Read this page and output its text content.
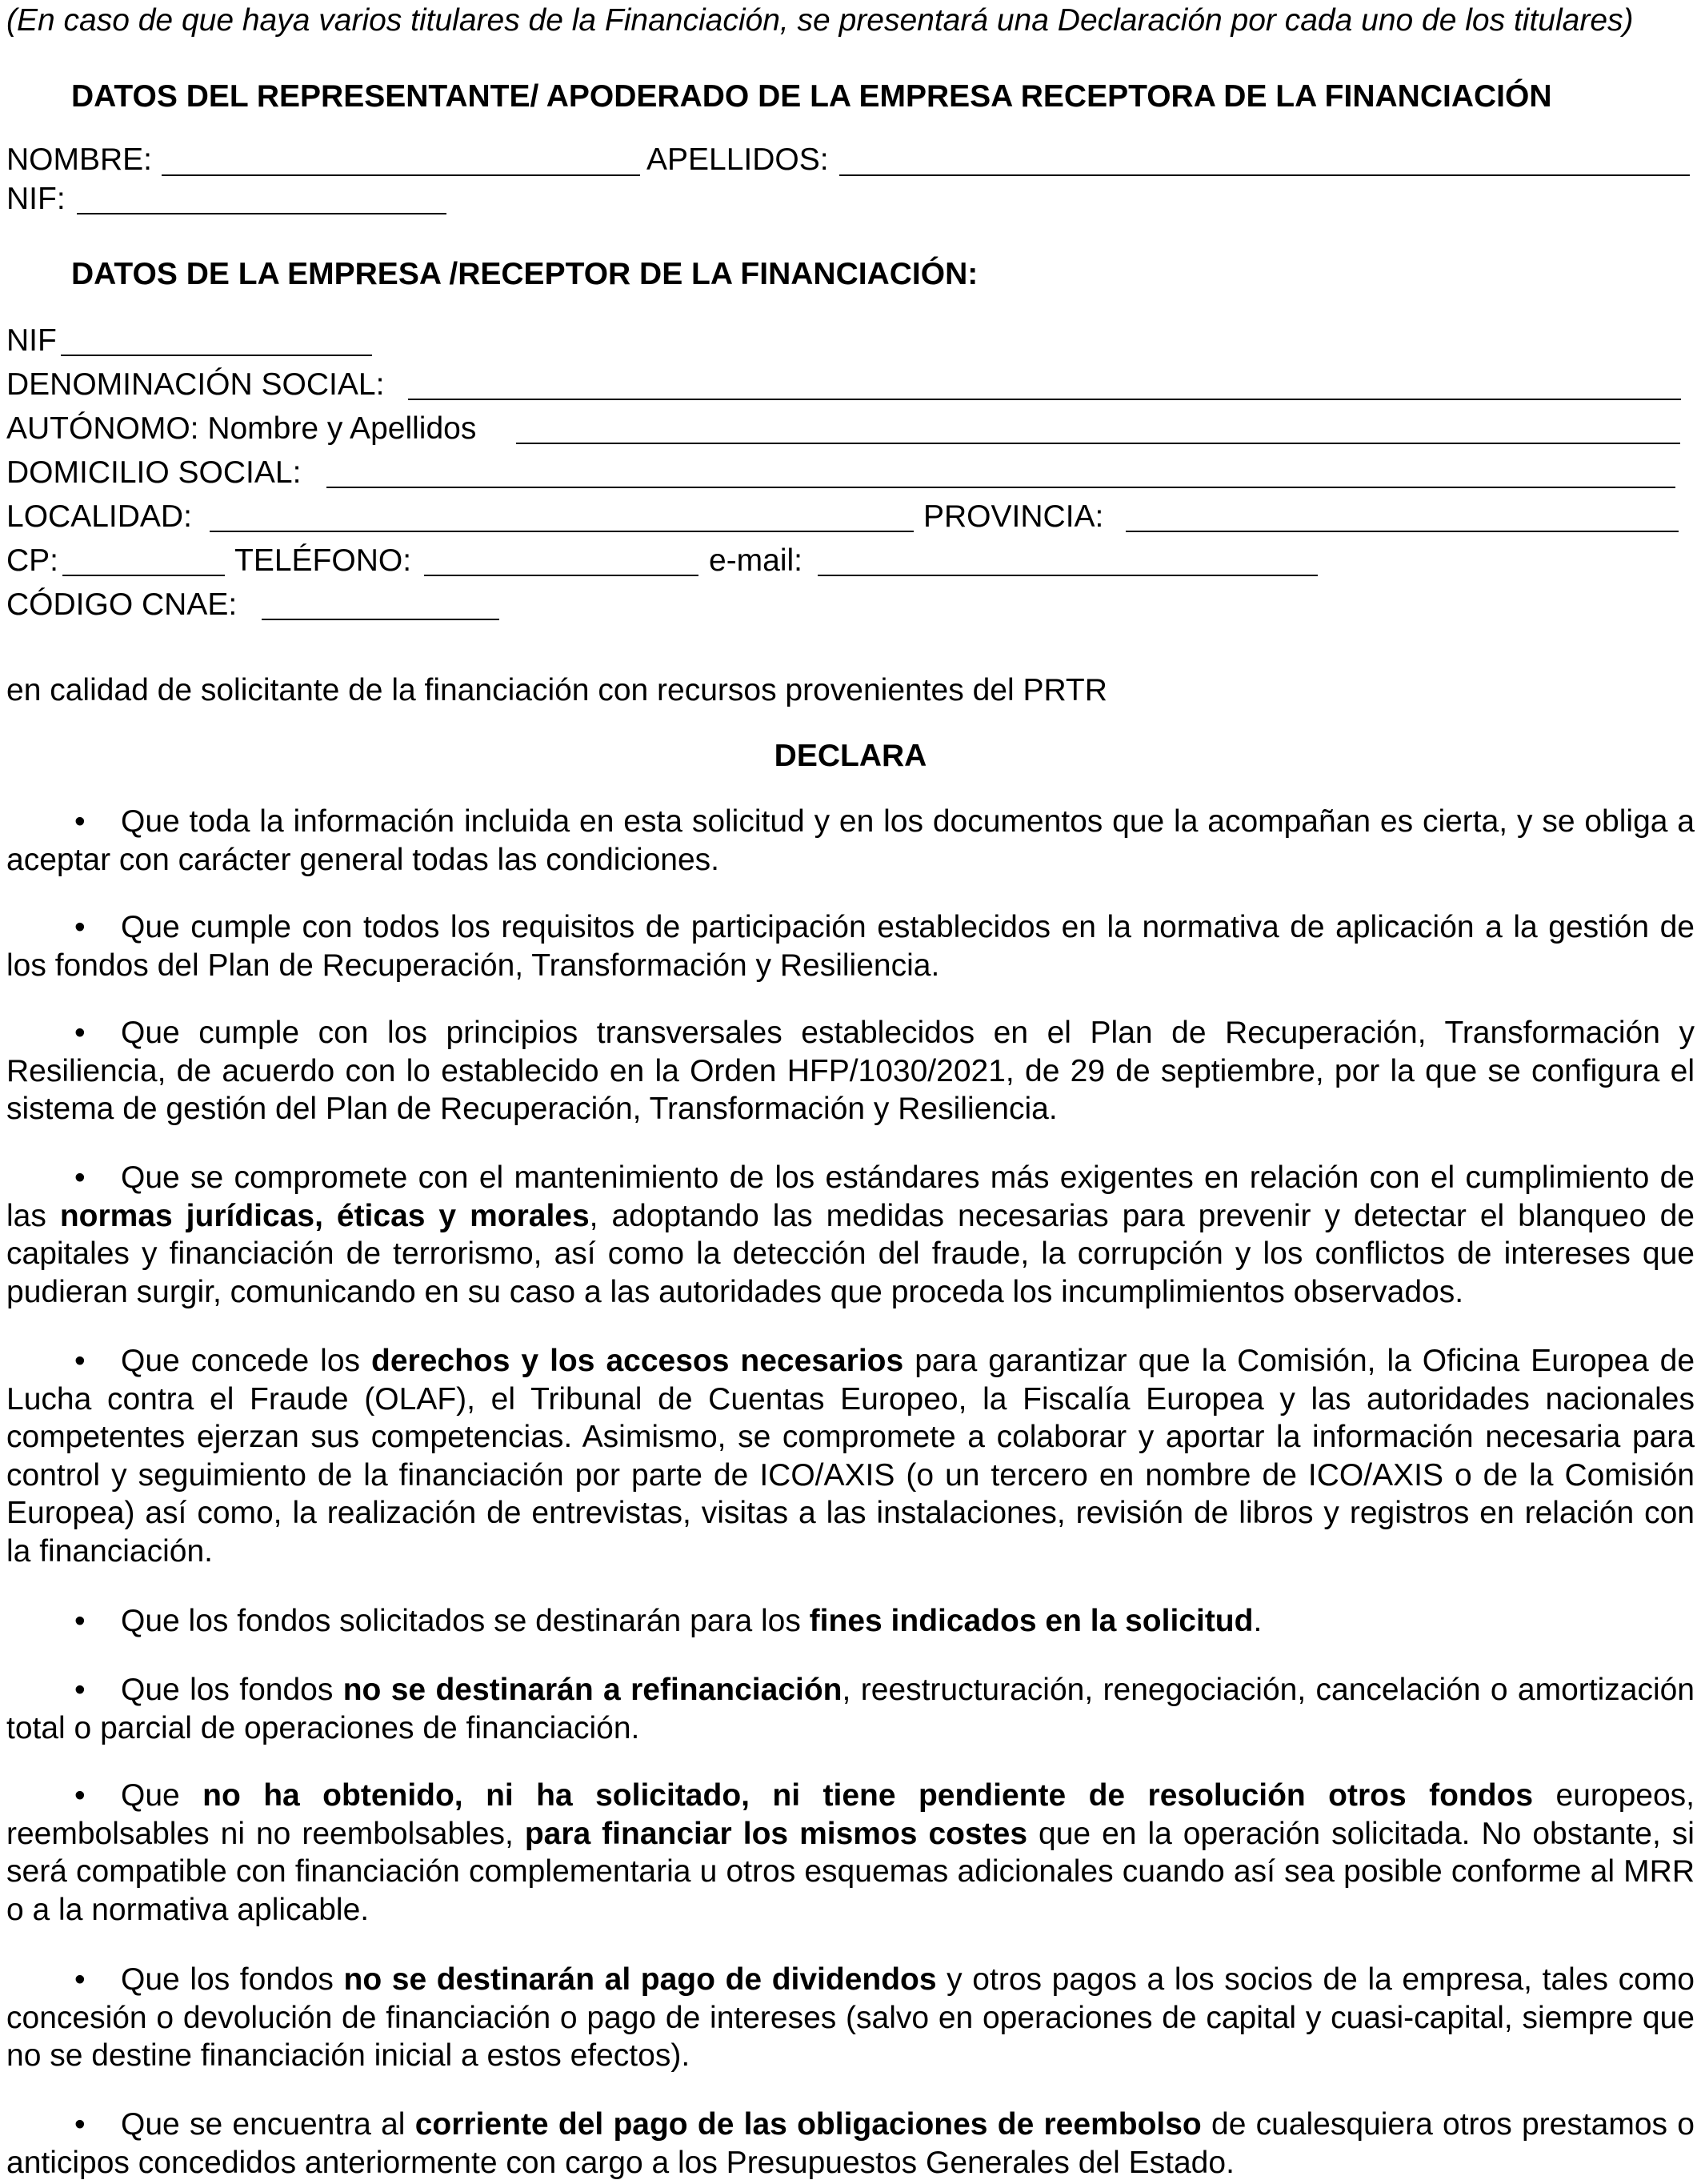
(En caso de que haya varios titulares de la Financiación, se presentará una Declaración por cada uno de los titulares)
DATOS DEL REPRESENTANTE/ APODERADO DE LA EMPRESA RECEPTORA DE LA FINANCIACIÓN
NOMBRE:	APELLIDOS:
NIF:
DATOS DE LA EMPRESA /RECEPTOR DE LA FINANCIACIÓN:
NIF
DENOMINACIÓN SOCIAL:
AUTÓNOMO: Nombre y Apellidos
DOMICILIO SOCIAL:
LOCALIDAD:	PROVINCIA:
CP:	TELÉFONO:	e-mail:
CÓDIGO CNAE:
en calidad de solicitante de la financiación con recursos provenientes del PRTR
DECLARA
• Que toda la información incluida en esta solicitud y en los documentos que la acompañan es cierta, y se obliga a aceptar con carácter general todas las condiciones.
• Que cumple con todos los requisitos de participación establecidos en la normativa de aplicación a la gestión de los fondos del Plan de Recuperación, Transformación y Resiliencia.
• Que cumple con los principios transversales establecidos en el Plan de Recuperación, Transformación y Resiliencia, de acuerdo con lo establecido en la Orden HFP/1030/2021, de 29 de septiembre, por la que se configura el sistema de gestión del Plan de Recuperación, Transformación y Resiliencia.
• Que se compromete con el mantenimiento de los estándares más exigentes en relación con el cumplimiento de las normas jurídicas, éticas y morales, adoptando las medidas necesarias para prevenir y detectar el blanqueo de capitales y financiación de terrorismo, así como la detección del fraude, la corrupción y los conflictos de intereses que pudieran surgir, comunicando en su caso a las autoridades que proceda los incumplimientos observados.
• Que concede los derechos y los accesos necesarios para garantizar que la Comisión, la Oficina Europea de Lucha contra el Fraude (OLAF), el Tribunal de Cuentas Europeo, la Fiscalía Europea y las autoridades nacionales competentes ejerzan sus competencias. Asimismo, se compromete a colaborar y aportar la información necesaria para control y seguimiento de la financiación por parte de ICO/AXIS (o un tercero en nombre de ICO/AXIS o de la Comisión Europea) así como, la realización de entrevistas, visitas a las instalaciones, revisión de libros y registros en relación con la financiación.
• Que los fondos solicitados se destinarán para los fines indicados en la solicitud.
• Que los fondos no se destinarán a refinanciación, reestructuración, renegociación, cancelación o amortización total o parcial de operaciones de financiación.
• Que no ha obtenido, ni ha solicitado, ni tiene pendiente de resolución otros fondos europeos, reembolsables ni no reembolsables, para financiar los mismos costes que en la operación solicitada. No obstante, si será compatible con financiación complementaria u otros esquemas adicionales cuando así sea posible conforme al MRR o a la normativa aplicable.
• Que los fondos no se destinarán al pago de dividendos y otros pagos a los socios de la empresa, tales como concesión o devolución de financiación o pago de intereses (salvo en operaciones de capital y cuasi-capital, siempre que no se destine financiación inicial a estos efectos).
• Que se encuentra al corriente del pago de las obligaciones de reembolso de cualesquiera otros prestamos o anticipos concedidos anteriormente con cargo a los Presupuestos Generales del Estado.
